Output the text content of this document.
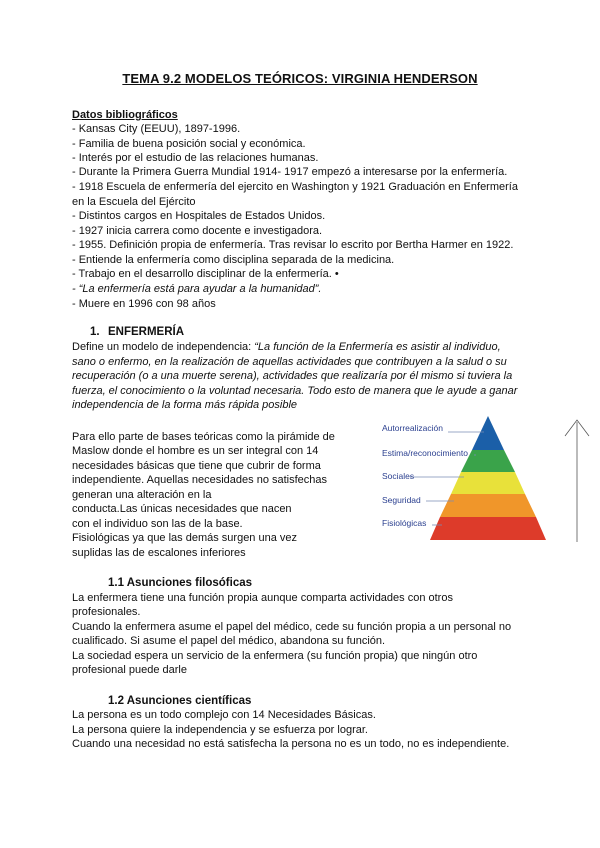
TEMA 9.2 MODELOS TEÓRICOS: VIRGINIA HENDERSON
Datos bibliográficos
- Kansas City (EEUU), 1897-1996.
- Familia de buena posición social y económica.
- Interés por el estudio de las relaciones humanas.
- Durante la Primera Guerra Mundial 1914- 1917 empezó a interesarse por la enfermería.
- 1918 Escuela de enfermería del ejercito en Washington y 1921 Graduación en Enfermería
en la Escuela del Ejército
- Distintos cargos en Hospitales de Estados Unidos.
- 1927 inicia carrera como docente e investigadora.
- 1955. Definición propia de enfermería. Tras revisar lo escrito por Bertha Harmer en 1922.
- Entiende la enfermería como disciplina separada de la medicina.
- Trabajo en el desarrollo disciplinar de la enfermería. •
- “La enfermería está para ayudar a la humanidad”.
- Muere en 1996 con 98 años
1. ENFERMERÍA
Define un modelo de independencia: “La función de la Enfermería es asistir al individuo,
sano o enfermo, en la realización de aquellas actividades que contribuyen a la salud o su
recuperación (o a una muerte serena), actividades que realizaría por él mismo si tuviera la
fuerza, el conocimiento o la voluntad necesaria. Todo esto de manera que le ayude a ganar
independencia de la forma más rápida posible
Para ello parte de bases teóricas como la pirámide de
Maslow donde el hombre es un ser integral con 14
necesidades básicas que tiene que cubrir de forma
independiente. Aquellas necesidades no satisfechas
generan una alteración en la
conducta.Las únicas necesidades que nacen
con el individuo son las de la base.
Fisiológicas ya que las demás surgen una vez
suplidas las de escalones inferiores
Autorrealización
Estima/reconocimiento
Sociales
Seguridad
Fisiológicas
1.1 Asunciones filosóficas
La enfermera tiene una función propia aunque comparta actividades con otros
profesionales.
Cuando la enfermera asume el papel del médico, cede su función propia a un personal no
cualificado. Si asume el papel del médico, abandona su función.
La sociedad espera un servicio de la enfermera (su función propia) que ningún otro
profesional puede darle
1.2 Asunciones científicas
La persona es un todo complejo con 14 Necesidades Básicas.
La persona quiere la independencia y se esfuerza por lograr.
Cuando una necesidad no está satisfecha la persona no es un todo, no es independiente.
